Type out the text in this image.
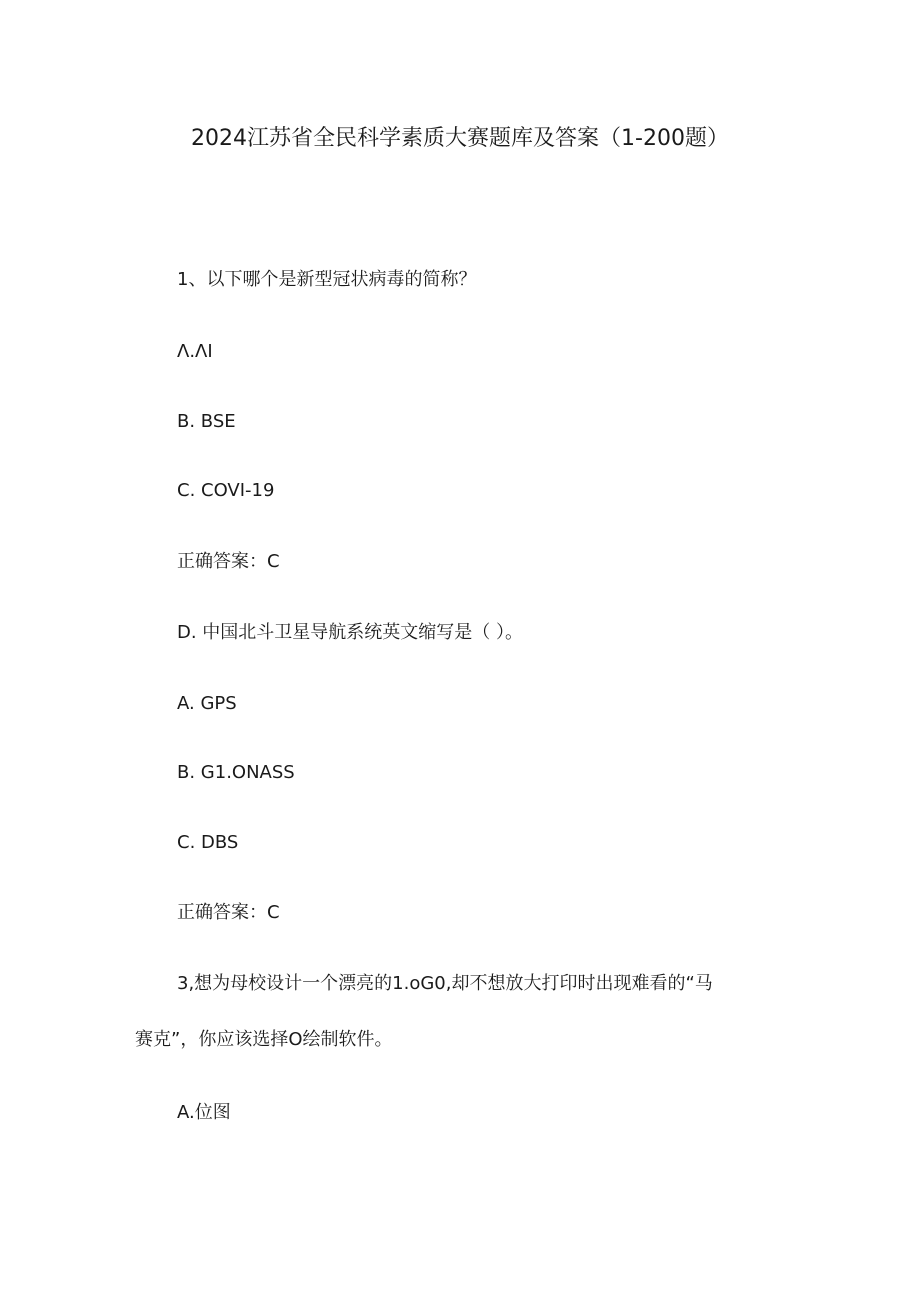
2024江苏省全民科学素质大赛题库及答案（1-200题）
1、以下哪个是新型冠状病毒的简称？
Λ.ΛI
B. BSE
C. COVI-19
正确答案：C
D. 中国北斗卫星导航系统英文缩写是（ ）。
A. GPS
B. G1.ONASS
C. DBS
正确答案：C
3,想为母校设计一个漂亮的1.oG0,却不想放大打印时出现难看的“马
赛克”，你应该选择O绘制软件。
A.位图
